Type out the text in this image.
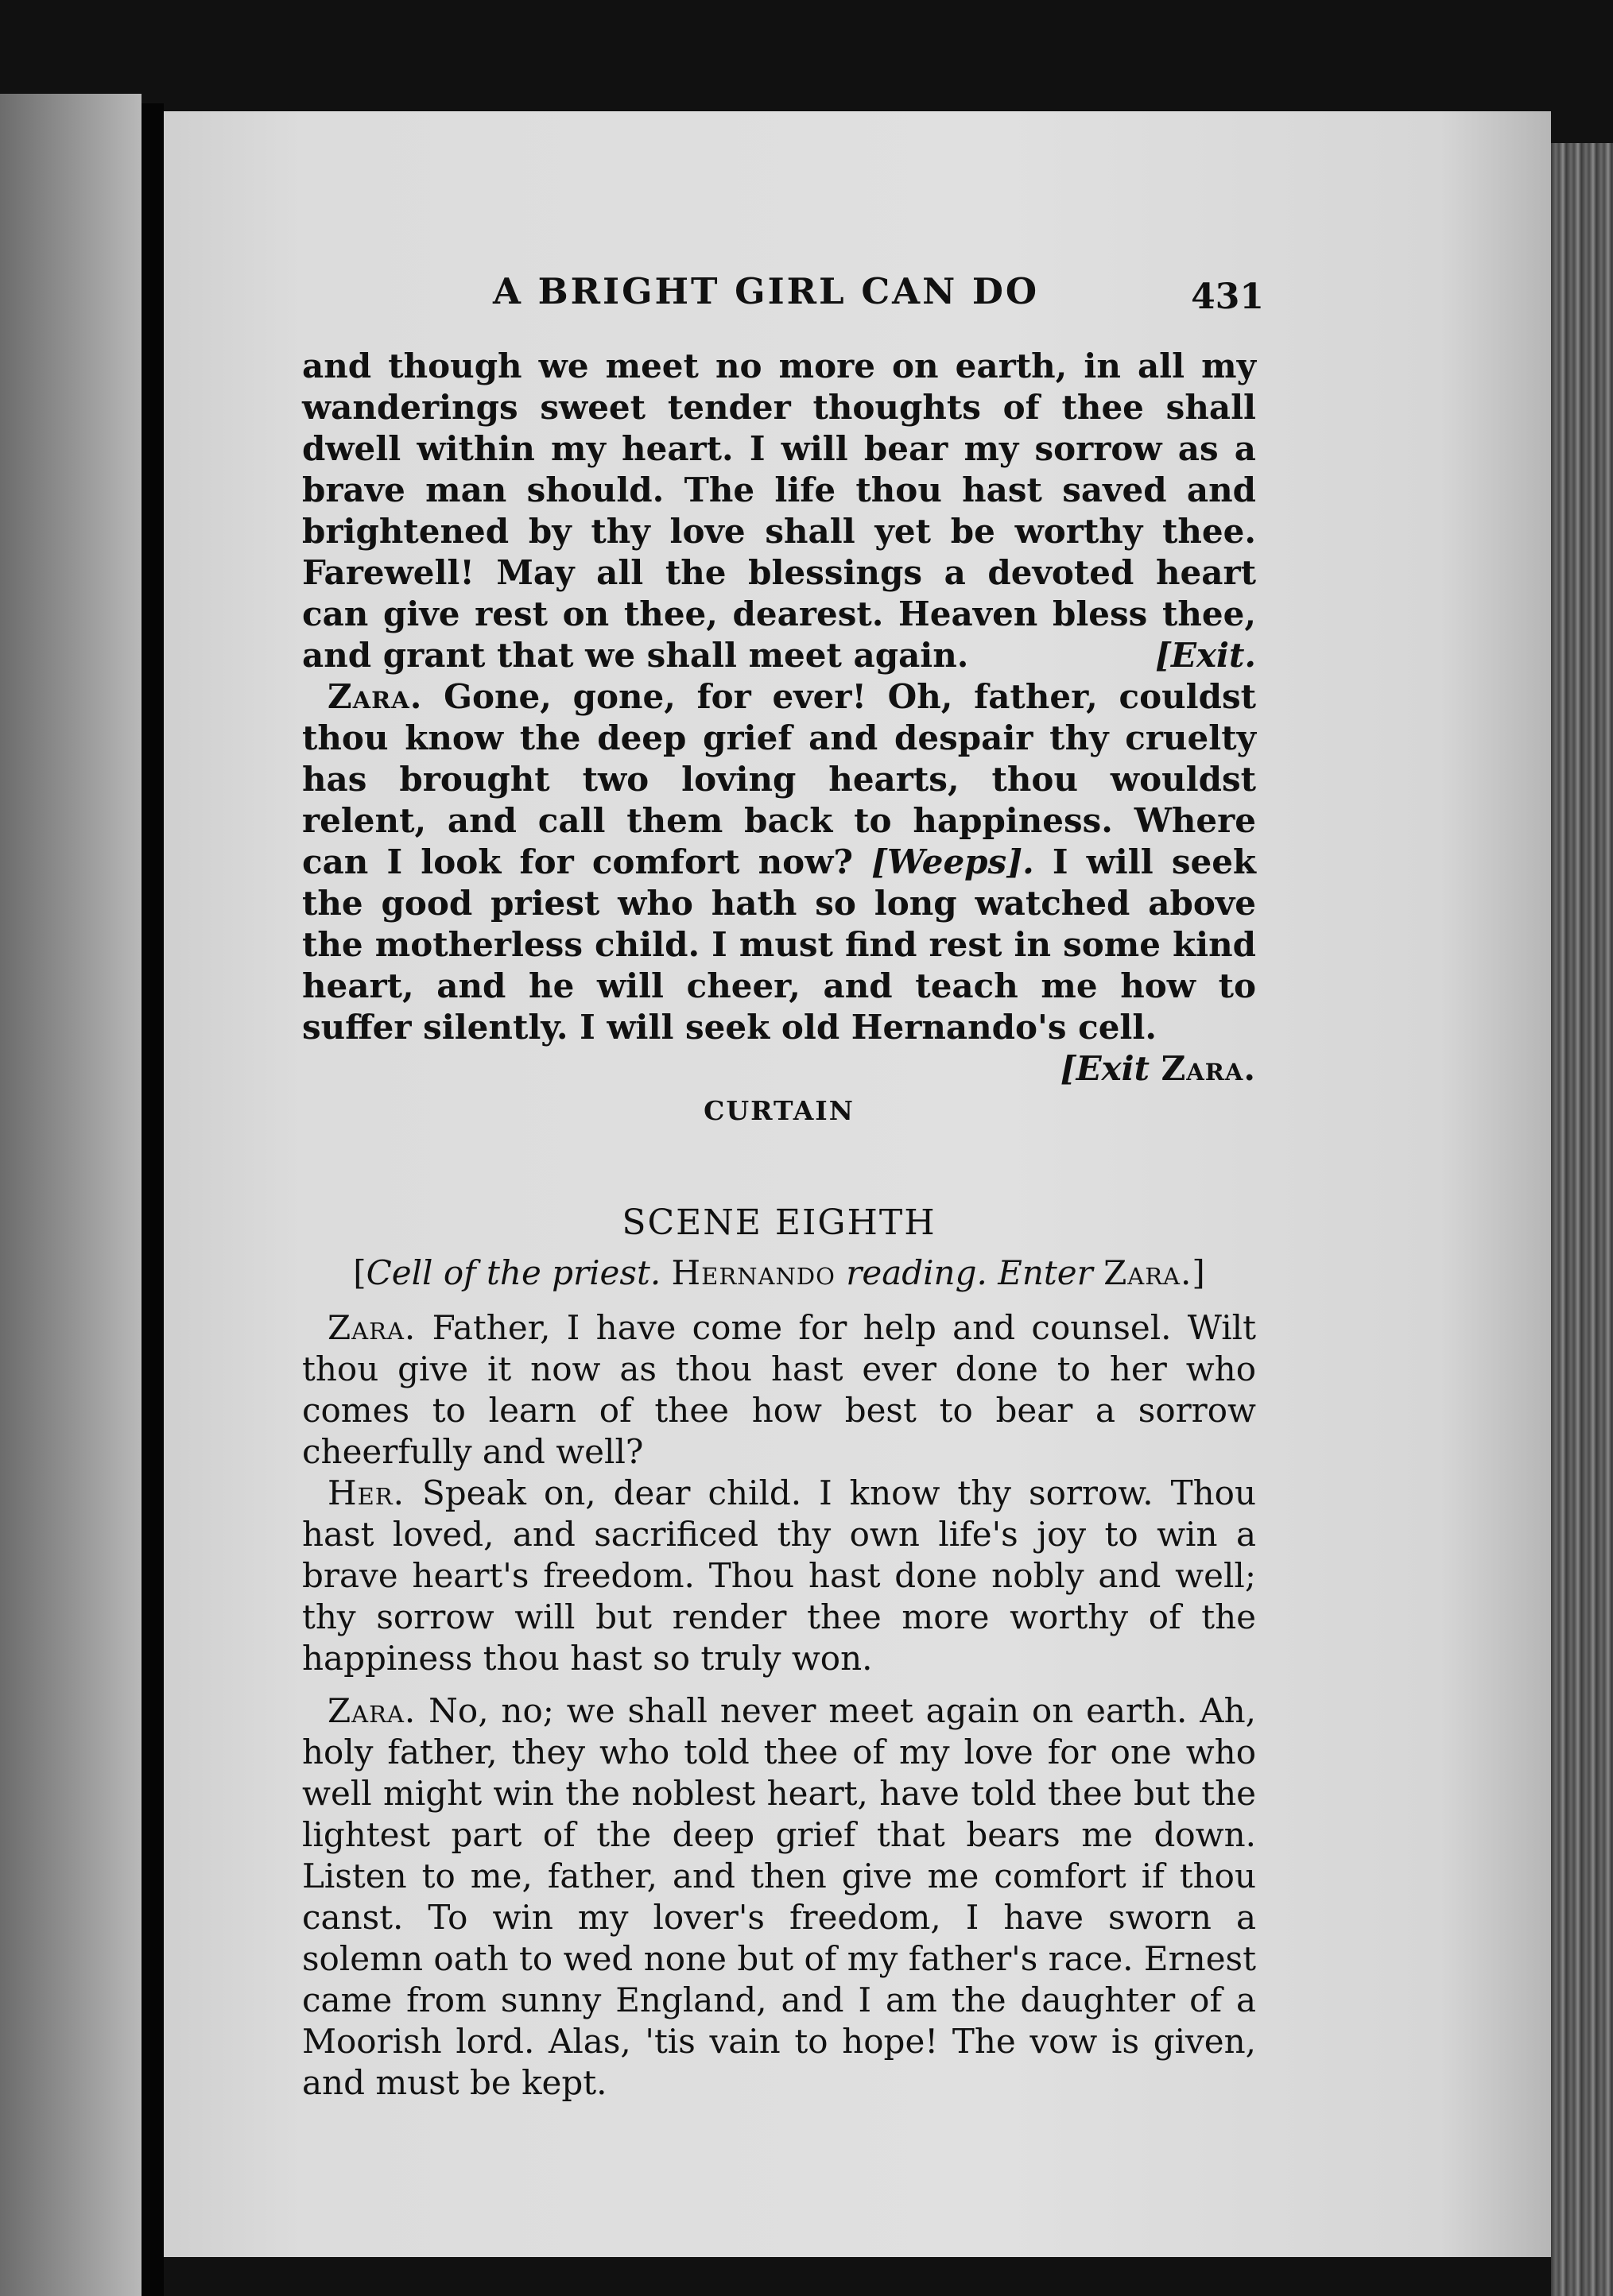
A BRIGHT GIRL CAN DO	431

and though we meet no more on earth, in all my wanderings sweet tender thoughts of thee shall dwell within my heart. I will bear my sorrow as a brave man should. The life thou hast saved and brightened by thy love shall yet be worthy thee. Farewell! May all the blessings a devoted heart can give rest on thee, dearest. Heaven bless thee, and grant that we shall meet again.	[Exit.

Zara. Gone, gone, for ever! Oh, father, couldst thou know the deep grief and despair thy cruelty has brought two loving hearts, thou wouldst relent, and call them back to happiness. Where can I look for comfort now? [Weeps]. I will seek the good priest who hath so long watched above the motherless child. I must find rest in some kind heart, and he will cheer, and teach me how to suffer silently. I will seek old Hernando's cell.

[Exit Zara.

CURTAIN

SCENE EIGHTH

[Cell of the priest. Hernando reading. Enter Zara.]

Zara. Father, I have come for help and counsel. Wilt thou give it now as thou hast ever done to her who comes to learn of thee how best to bear a sorrow cheerfully and well?

Her. Speak on, dear child. I know thy sorrow. Thou hast loved, and sacrificed thy own life's joy to win a brave heart's freedom. Thou hast done nobly and well; thy sorrow will but render thee more worthy of the happiness thou hast so truly won.

Zara. No, no; we shall never meet again on earth. Ah, holy father, they who told thee of my love for one who well might win the noblest heart, have told thee but the lightest part of the deep grief that bears me down. Listen to me, father, and then give me comfort if thou canst. To win my lover's freedom, I have sworn a solemn oath to wed none but of my father's race. Ernest came from sunny England, and I am the daughter of a Moorish lord. Alas, 'tis vain to hope! The vow is given, and must be kept.
